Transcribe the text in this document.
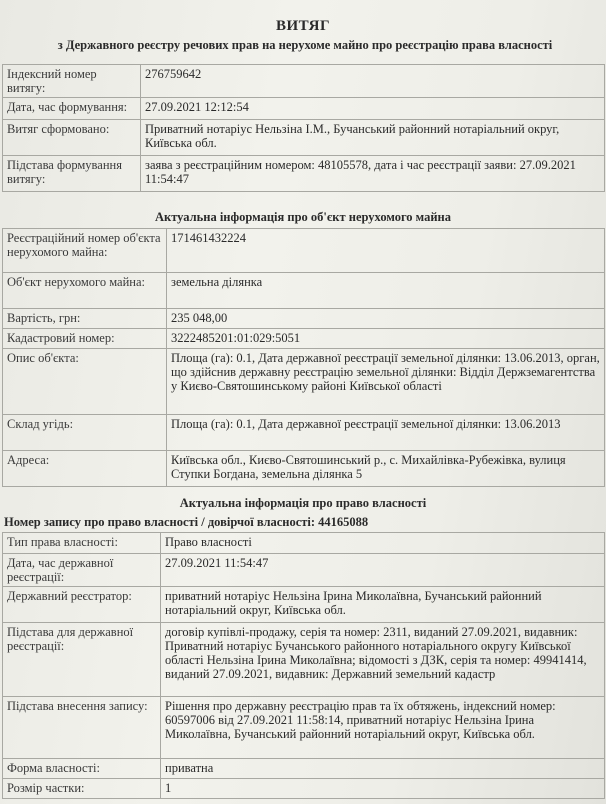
ВИТЯГ
з Державного реєстру речових прав на нерухоме майно про реєстрацію права власності
Індексний номер витягу:	276759642
Дата, час формування:	27.09.2021 12:12:54
Витяг сформовано:	Приватний нотаріус Нельзіна І.М., Бучанський районний нотаріальний округ, Київська обл.
Підстава формування витягу:	заява з реєстраційним номером: 48105578, дата і час реєстрації заяви: 27.09.2021 11:54:47
Актуальна інформація про об'єкт нерухомого майна
Реєстраційний номер об'єкта нерухомого майна:	171461432224
Об'єкт нерухомого майна:	земельна ділянка
Вартість, грн:	235 048,00
Кадастровий номер:	3222485201:01:029:5051
Опис об'єкта:	Площа (га): 0.1, Дата державної реєстрації земельної ділянки: 13.06.2013, орган, що здійснив державну реєстрацію земельної ділянки: Відділ Держземагентства у Києво-Святошинському районі Київської області
Склад угідь:	Площа (га): 0.1, Дата державної реєстрації земельної ділянки: 13.06.2013
Адреса:	Київська обл., Києво-Святошинський р., с. Михайлівка-Рубежівка, вулиця Ступки Богдана, земельна ділянка 5
Актуальна інформація про право власності
Номер запису про право власності / довірчої власності: 44165088
Тип права власності:	Право власності
Дата, час державної реєстрації:	27.09.2021 11:54:47
Державний реєстратор:	приватний нотаріус Нельзіна Ірина Миколаївна, Бучанський районний нотаріальний округ, Київська обл.
Підстава для державної реєстрації:	договір купівлі-продажу, серія та номер: 2311, виданий 27.09.2021, видавник: Приватний нотаріус Бучанського районного нотаріального округу Київської області Нельзіна Ірина Миколаївна; відомості з ДЗК, серія та номер: 49941414, виданий 27.09.2021, видавник: Державний земельний кадастр
Підстава внесення запису:	Рішення про державну реєстрацію прав та їх обтяжень, індексний номер: 60597006 від 27.09.2021 11:58:14, приватний нотаріус Нельзіна Ірина Миколаївна, Бучанський районний нотаріальний округ, Київська обл.
Форма власності:	приватна
Розмір частки:	1
